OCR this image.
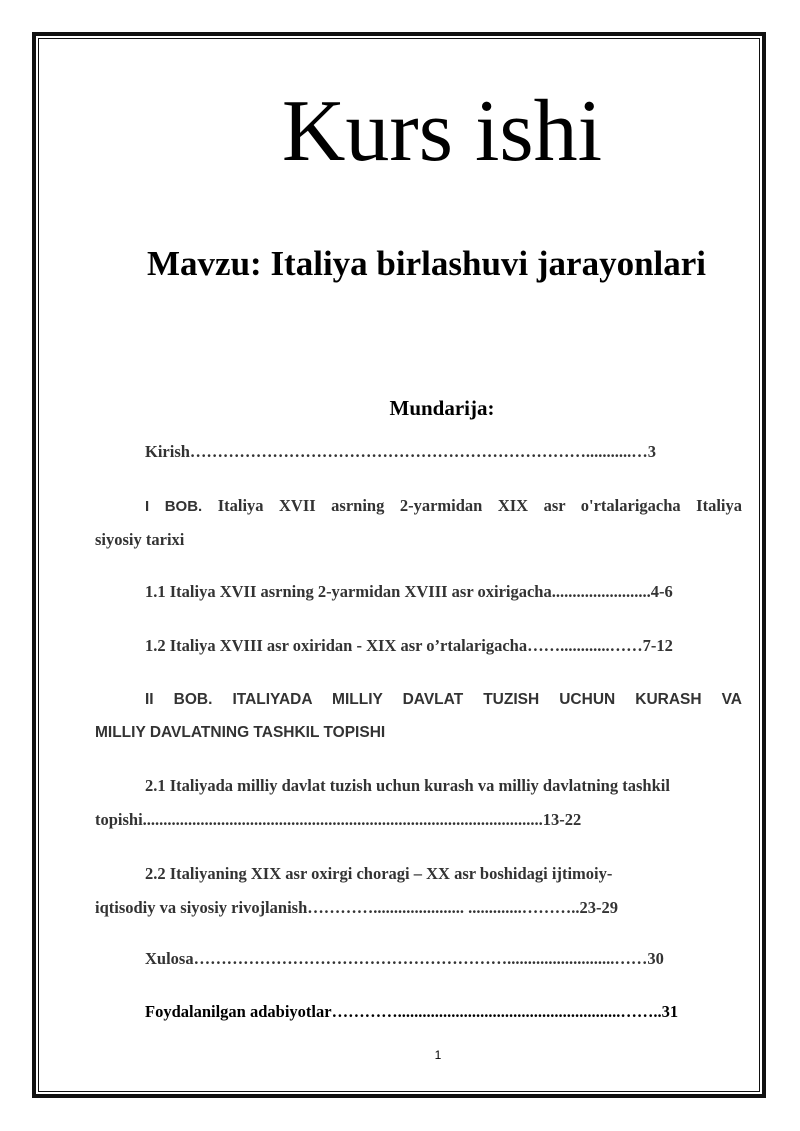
Kurs ishi
Mavzu: Italiya birlashuvi jarayonlari
Mundarija:
Kirish………………………………………………………………...........…3
I BOB. Italiya XVII asrning 2-yarmidan XIX asr o'rtalarigacha Italiya
siyosiy tarixi
1.1 Italiya XVII asrning 2-yarmidan XVIII asr oxirigacha........................4-6
1.2 Italiya XVIII asr oxiridan - XIX asr o’rtalarigacha……............……7-12
II BOB. ITALIYADA MILLIY DAVLAT TUZISH UCHUN KURASH VA
MILLIY DAVLATNING TASHKIL TOPISHI
2.1 Italiyada milliy davlat tuzish uchun kurash va milliy davlatning tashkil
topishi.................................................................................................13-22
2.2 Italiyaning XIX asr oxirgi choragi – XX asr boshidagi ijtimoiy-
iqtisodiy va siyosiy rivojlanish…………...................... .............………..23-29
Xulosa…………………………………………………..........................……30
Foydalanilgan adabiyotlar…………......................................................……..31
1
